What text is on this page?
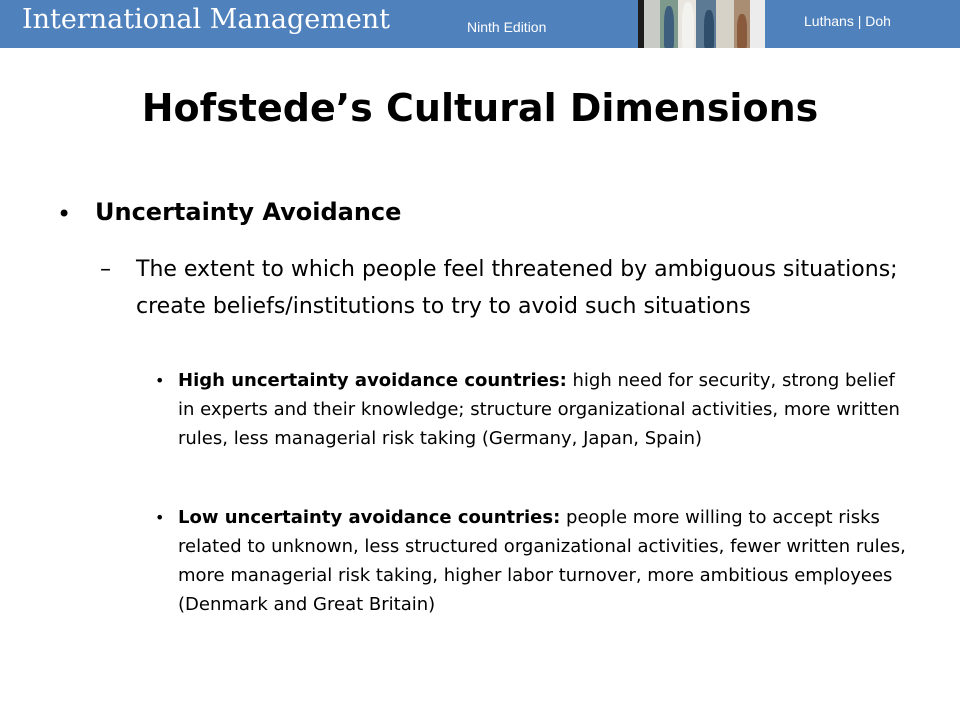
International Management	Ninth Edition	Luthans | Doh
Hofstede’s Cultural Dimensions
• Uncertainty Avoidance
– The extent to which people feel threatened by ambiguous situations; create beliefs/institutions to try to avoid such situations
• High uncertainty avoidance countries: high need for security, strong belief in experts and their knowledge; structure organizational activities, more written rules, less managerial risk taking (Germany, Japan, Spain)
• Low uncertainty avoidance countries: people more willing to accept risks related to unknown, less structured organizational activities, fewer written rules, more managerial risk taking, higher labor turnover, more ambitious employees (Denmark and Great Britain)
